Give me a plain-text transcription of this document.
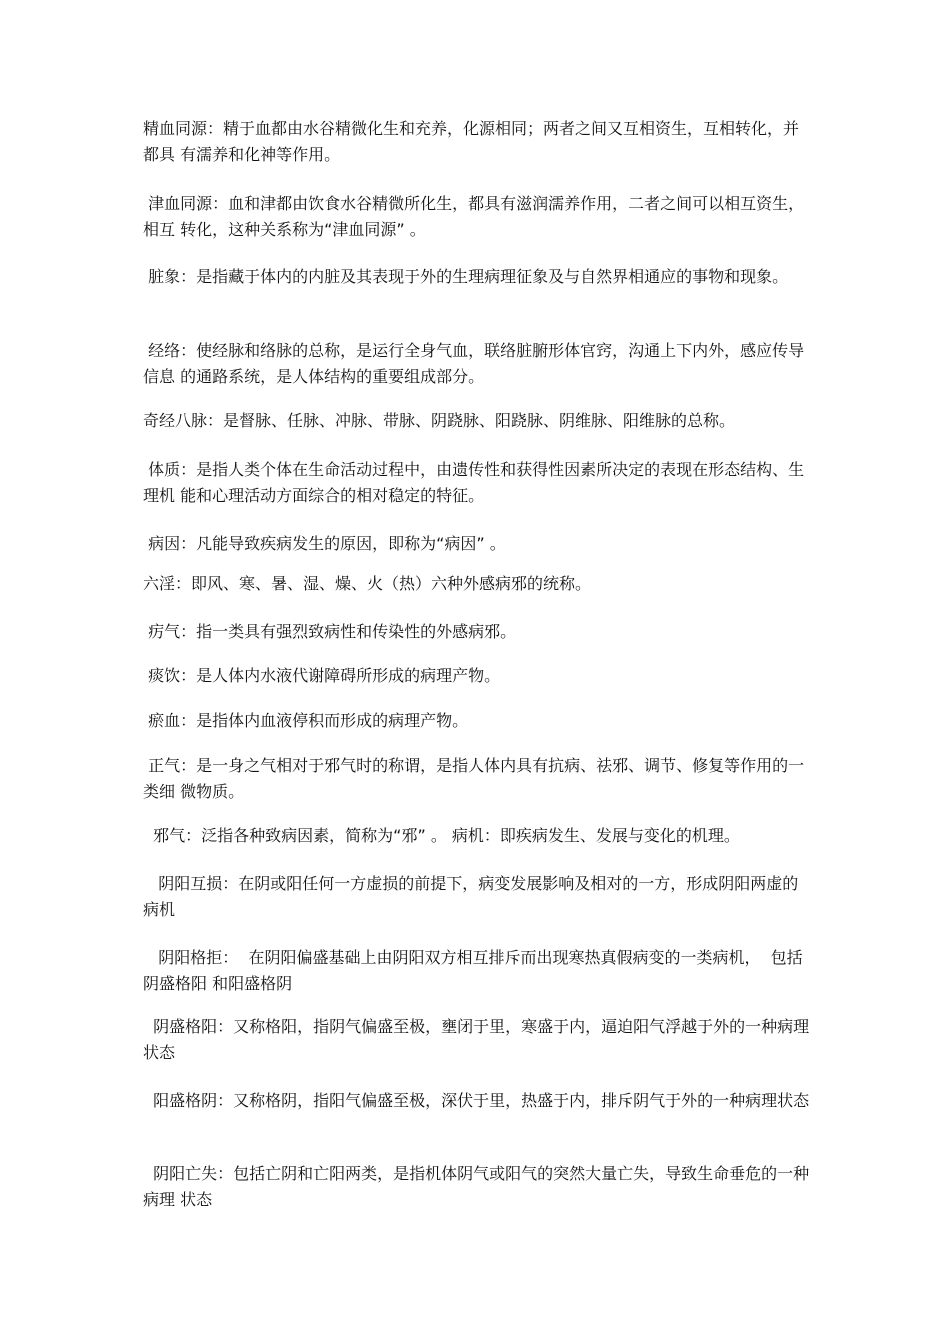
精血同源：精于血都由水谷精微化生和充养，化源相同；两者之间又互相资生，互相转化，并都具 有濡养和化神等作用。

津血同源：血和津都由饮食水谷精微所化生，都具有滋润濡养作用，二者之间可以相互资生，相互 转化，这种关系称为“津血同源” 。

脏象：是指藏于体内的内脏及其表现于外的生理病理征象及与自然界相通应的事物和现象。

经络：使经脉和络脉的总称，是运行全身气血，联络脏腑形体官窍，沟通上下内外，感应传导信息 的通路系统，是人体结构的重要组成部分。

奇经八脉：是督脉、任脉、冲脉、带脉、阴跷脉、阳跷脉、阴维脉、阳维脉的总称。

体质：是指人类个体在生命活动过程中，由遗传性和获得性因素所决定的表现在形态结构、生理机 能和心理活动方面综合的相对稳定的特征。

病因：凡能导致疾病发生的原因，即称为“病因” 。

六淫：即风、寒、暑、湿、燥、火（热）六种外感病邪的统称。

疠气：指一类具有强烈致病性和传染性的外感病邪。

痰饮：是人体内水液代谢障碍所形成的病理产物。

瘀血：是指体内血液停积而形成的病理产物。

正气：是一身之气相对于邪气时的称谓，是指人体内具有抗病、祛邪、调节、修复等作用的一类细 微物质。

邪气：泛指各种致病因素，简称为“邪” 。 病机：即疾病发生、发展与变化的机理。

阴阳互损：在阴或阳任何一方虚损的前提下，病变发展影响及相对的一方，形成阴阳两虚的病机

阴阳格拒：  在阴阳偏盛基础上由阴阳双方相互排斥而出现寒热真假病变的一类病机，  包括阴盛格阳 和阳盛格阴

阴盛格阳：又称格阳，指阴气偏盛至极，壅闭于里，寒盛于内，逼迫阳气浮越于外的一种病理状态

阳盛格阴：又称格阴，指阳气偏盛至极，深伏于里，热盛于内，排斥阴气于外的一种病理状态

阴阳亡失：包括亡阴和亡阳两类，是指机体阴气或阳气的突然大量亡失，导致生命垂危的一种病理 状态
